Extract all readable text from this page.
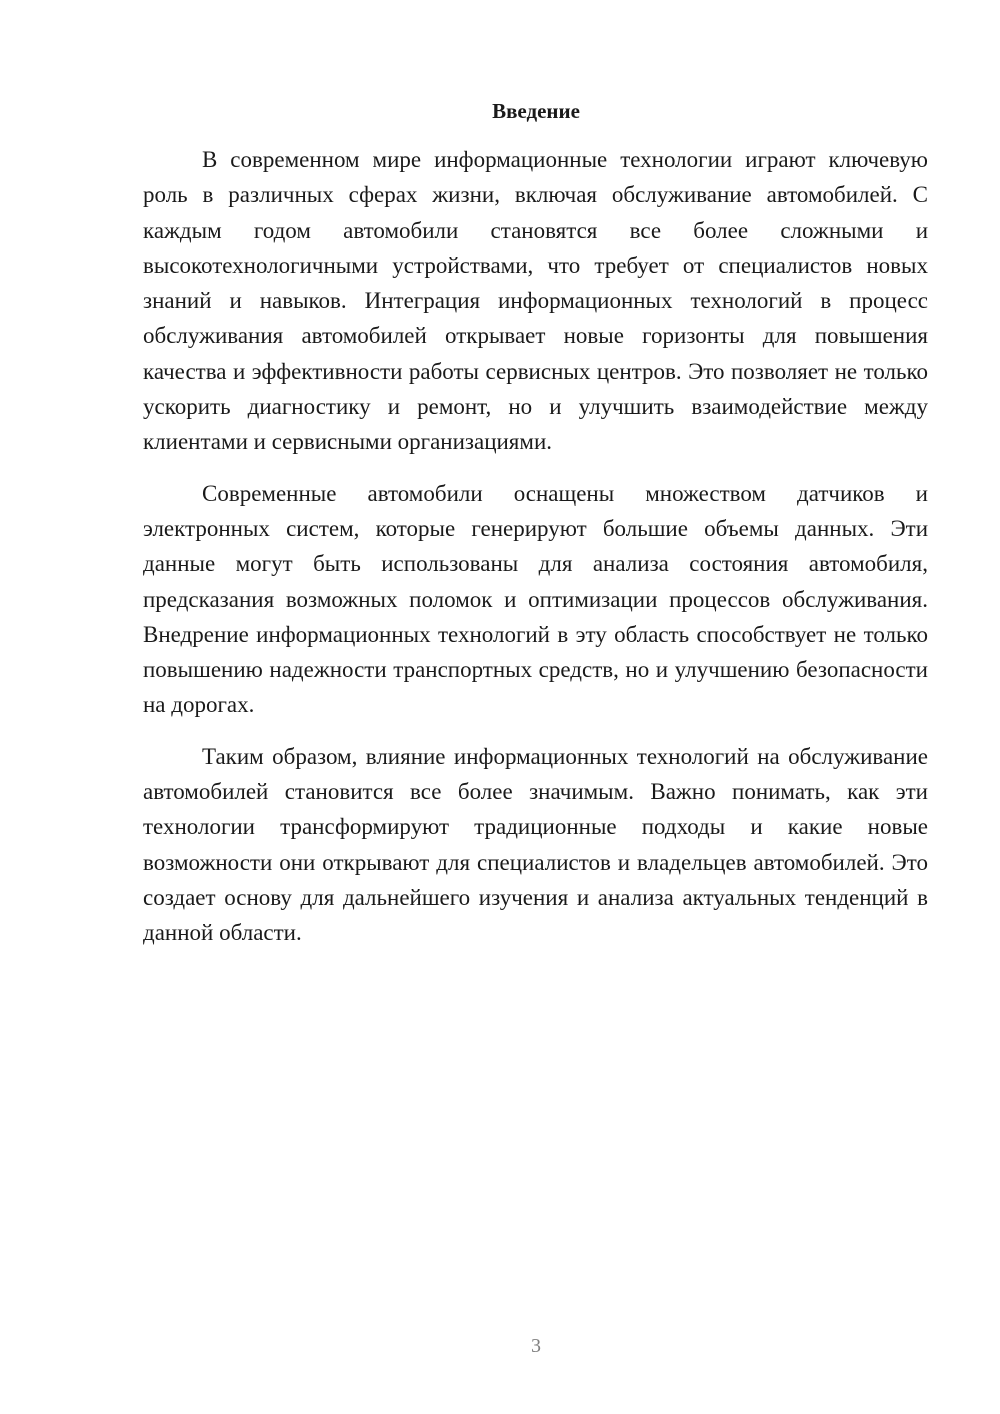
Введение

В современном мире информационные технологии играют ключевую роль в различных сферах жизни, включая обслуживание автомобилей. С каждым годом автомобили становятся все более сложными и высокотехнологичными устройствами, что требует от специалистов новых знаний и навыков. Интеграция информационных технологий в процесс обслуживания автомобилей открывает новые горизонты для повышения качества и эффективности работы сервисных центров. Это позволяет не только ускорить диагностику и ремонт, но и улучшить взаимодействие между клиентами и сервисными организациями.

Современные автомобили оснащены множеством датчиков и электронных систем, которые генерируют большие объемы данных. Эти данные могут быть использованы для анализа состояния автомобиля, предсказания возможных поломок и оптимизации процессов обслуживания. Внедрение информационных технологий в эту область способствует не только повышению надежности транспортных средств, но и улучшению безопасности на дорогах.

Таким образом, влияние информационных технологий на обслуживание автомобилей становится все более значимым. Важно понимать, как эти технологии трансформируют традиционные подходы и какие новые возможности они открывают для специалистов и владельцев автомобилей. Это создает основу для дальнейшего изучения и анализа актуальных тенденций в данной области.

3
